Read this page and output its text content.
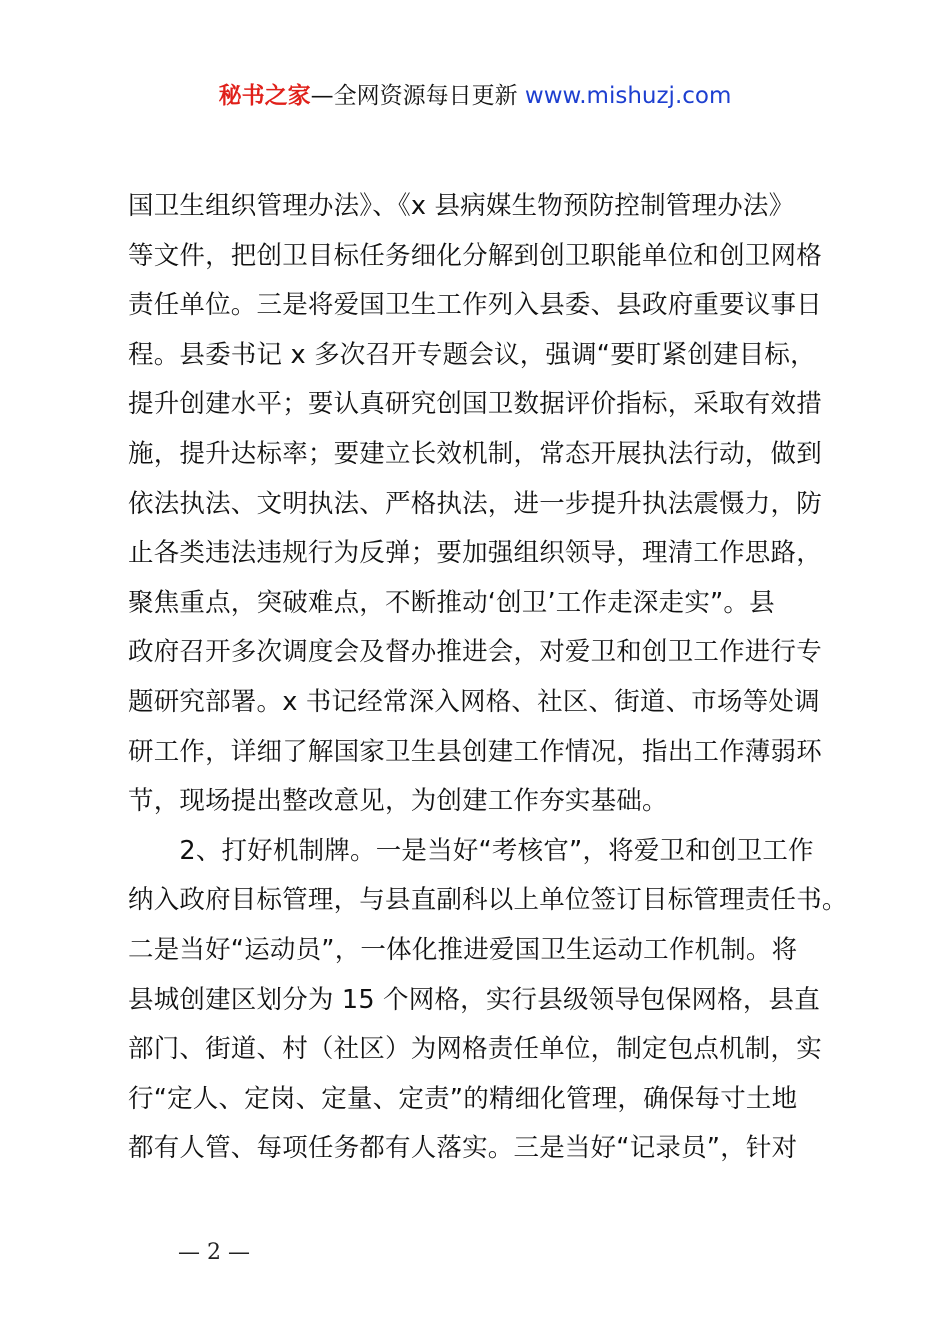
秘书之家—全网资源每日更新 www.mishuzj.com
国卫生组织管理办法》、《x 县病媒生物预防控制管理办法》
等文件，把创卫目标任务细化分解到创卫职能单位和创卫网格
责任单位。三是将爱国卫生工作列入县委、县政府重要议事日
程。县委书记 x 多次召开专题会议，强调“要盯紧创建目标，
提升创建水平；要认真研究创国卫数据评价指标，采取有效措
施，提升达标率；要建立长效机制，常态开展执法行动，做到
依法执法、文明执法、严格执法，进一步提升执法震慑力，防
止各类违法违规行为反弹；要加强组织领导，理清工作思路，
聚焦重点，突破难点，不断推动‘创卫’工作走深走实”。县
政府召开多次调度会及督办推进会，对爱卫和创卫工作进行专
题研究部署。x 书记经常深入网格、社区、街道、市场等处调
研工作，详细了解国家卫生县创建工作情况，指出工作薄弱环
节，现场提出整改意见，为创建工作夯实基础。
　　2、打好机制牌。一是当好“考核官”，将爱卫和创卫工作
纳入政府目标管理，与县直副科以上单位签订目标管理责任书。
二是当好“运动员”，一体化推进爱国卫生运动工作机制。将
县城创建区划分为 15 个网格，实行县级领导包保网格，县直
部门、街道、村（社区）为网格责任单位，制定包点机制，实
行“定人、定岗、定量、定责”的精细化管理，确保每寸土地
都有人管、每项任务都有人落实。三是当好“记录员”，针对
— 2 —
